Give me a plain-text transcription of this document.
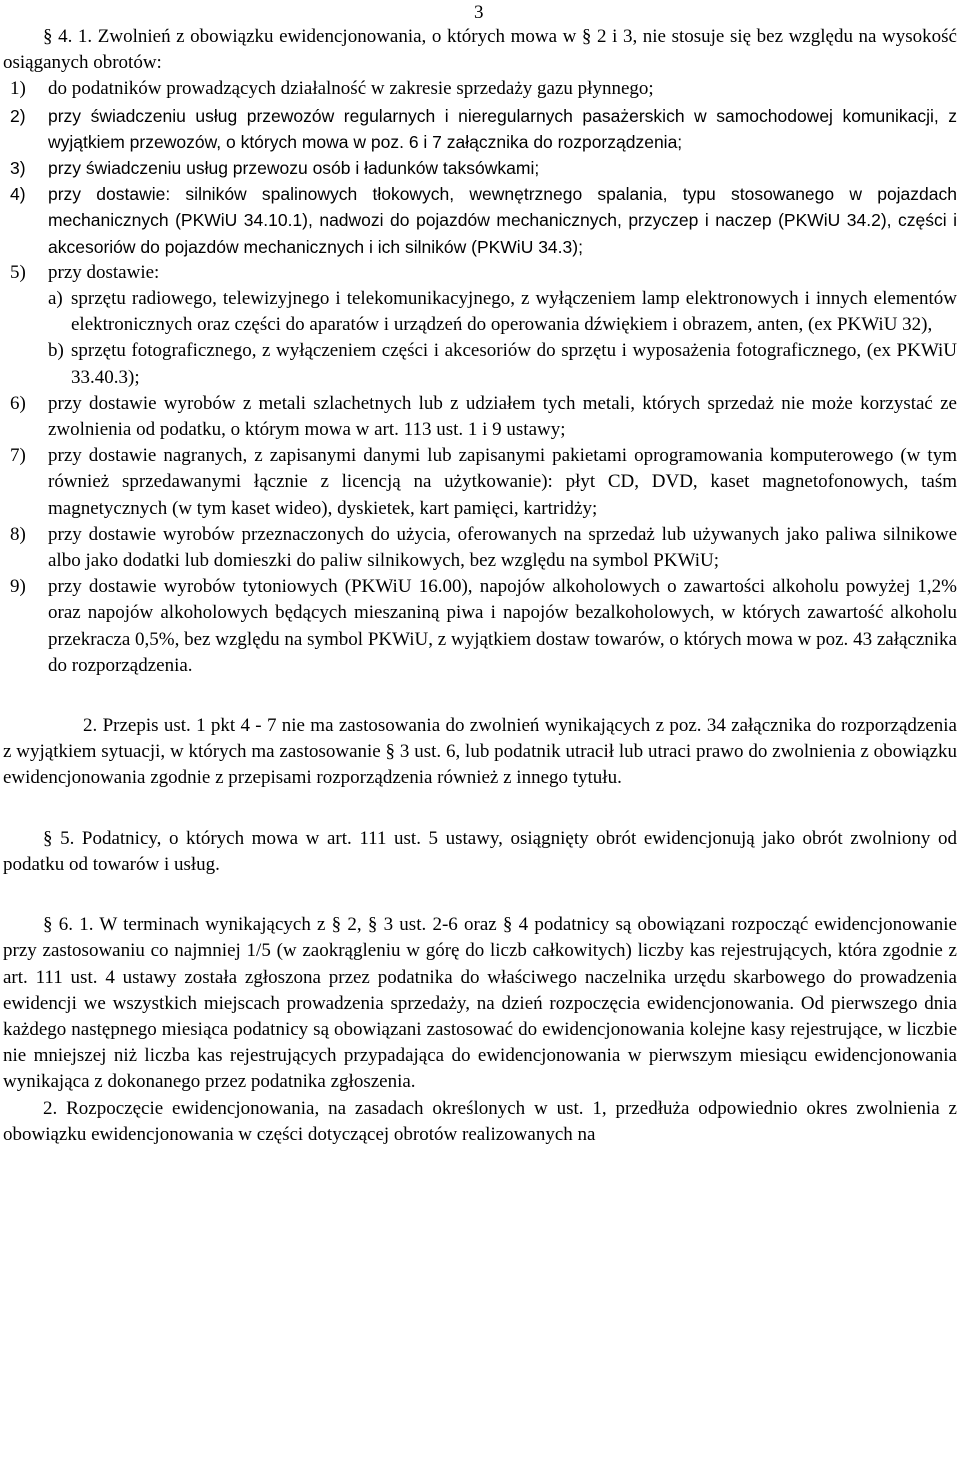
3

§ 4. 1. Zwolnień z obowiązku ewidencjonowania, o których mowa w § 2 i 3, nie stosuje się bez względu na wysokość osiąganych obrotów:

1) do podatników prowadzących działalność w zakresie sprzedaży gazu płynnego;
2) przy świadczeniu usług przewozów regularnych i nieregularnych pasażerskich w samochodowej komunikacji, z wyjątkiem przewozów, o których mowa w poz. 6 i 7 załącznika do rozporządzenia;
3) przy świadczeniu usług przewozu osób i ładunków taksówkami;
4) przy dostawie: silników spalinowych tłokowych, wewnętrznego spalania, typu stosowanego w pojazdach mechanicznych (PKWiU 34.10.1), nadwozi do pojazdów mechanicznych, przyczep i naczep (PKWiU 34.2), części i akcesoriów do pojazdów mechanicznych i ich silników (PKWiU 34.3);
5) przy dostawie:
a) sprzętu radiowego, telewizyjnego i telekomunikacyjnego, z wyłączeniem lamp elektronowych i innych elementów elektronicznych oraz części do aparatów i urządzeń do operowania dźwiękiem i obrazem, anten, (ex PKWiU 32),
b) sprzętu fotograficznego, z wyłączeniem części i akcesoriów do sprzętu i wyposażenia fotograficznego, (ex PKWiU 33.40.3);
6) przy dostawie wyrobów z metali szlachetnych lub z udziałem tych metali, których sprzedaż nie może korzystać ze zwolnienia od podatku, o którym mowa w art. 113 ust. 1 i 9 ustawy;
7) przy dostawie nagranych, z zapisanymi danymi lub zapisanymi pakietami oprogramowania komputerowego (w tym również sprzedawanymi łącznie z licencją na użytkowanie): płyt CD, DVD, kaset magnetofonowych, taśm magnetycznych (w tym kaset wideo), dyskietek, kart pamięci, kartridży;
8) przy dostawie wyrobów przeznaczonych do użycia, oferowanych na sprzedaż lub używanych jako paliwa silnikowe albo jako dodatki lub domieszki do paliw silnikowych, bez względu na symbol PKWiU;
9) przy dostawie wyrobów tytoniowych (PKWiU 16.00), napojów alkoholowych o zawartości alkoholu powyżej 1,2% oraz napojów alkoholowych będących mieszaniną piwa i napojów bezalkoholowych, w których zawartość alkoholu przekracza 0,5%, bez względu na symbol PKWiU, z wyjątkiem dostaw towarów, o których mowa w poz. 43 załącznika do rozporządzenia.

2. Przepis ust. 1 pkt 4 - 7 nie ma zastosowania do zwolnień wynikających z poz. 34 załącznika do rozporządzenia z wyjątkiem sytuacji, w których ma zastosowanie § 3 ust. 6, lub podatnik utracił lub utraci prawo do zwolnienia z obowiązku ewidencjonowania zgodnie z przepisami rozporządzenia również z innego tytułu.

§ 5. Podatnicy, o których mowa w art. 111 ust. 5 ustawy, osiągnięty obrót ewidencjonują jako obrót zwolniony od podatku od towarów i usług.

§ 6. 1. W terminach wynikających z § 2, § 3 ust. 2-6 oraz § 4 podatnicy są obowiązani rozpocząć ewidencjonowanie przy zastosowaniu co najmniej 1/5 (w zaokrągleniu w górę do liczb całkowitych) liczby kas rejestrujących, która zgodnie z art. 111 ust. 4 ustawy została zgłoszona przez podatnika do właściwego naczelnika urzędu skarbowego do prowadzenia ewidencji we wszystkich miejscach prowadzenia sprzedaży, na dzień rozpoczęcia ewidencjonowania. Od pierwszego dnia każdego następnego miesiąca podatnicy są obowiązani zastosować do ewidencjonowania kolejne kasy rejestrujące, w liczbie nie mniejszej niż liczba kas rejestrujących przypadająca do ewidencjonowania w pierwszym miesiącu ewidencjonowania wynikająca z dokonanego przez podatnika zgłoszenia.

2. Rozpoczęcie ewidencjonowania, na zasadach określonych w ust. 1, przedłuża odpowiednio okres zwolnienia z obowiązku ewidencjonowania w części dotyczącej obrotów realizowanych na
